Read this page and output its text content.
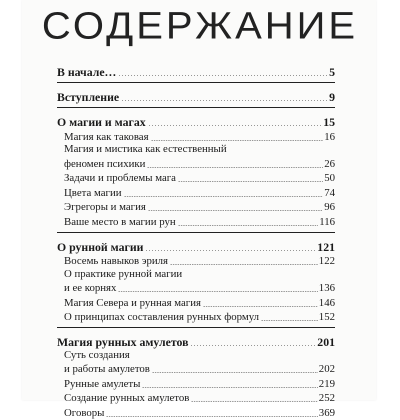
СОДЕРЖАНИЕ
В начале…	5
Вступление	9
О магии и магах	15
Магия как таковая	16
Магия и мистика как естественный
феномен психики	26
Задачи и проблемы мага	50
Цвета магии	74
Эгрегоры и магия	96
Ваше место в магии рун	116
О рунной магии	121
Восемь навыков эриля	122
О практике рунной магии
и ее корнях	136
Магия Севера и рунная магия	146
О принципах составления рунных формул	152
Магия рунных амулетов	201
Суть создания
и работы амулетов	202
Рунные амулеты	219
Создание рунных амулетов	252
Оговоры	369
